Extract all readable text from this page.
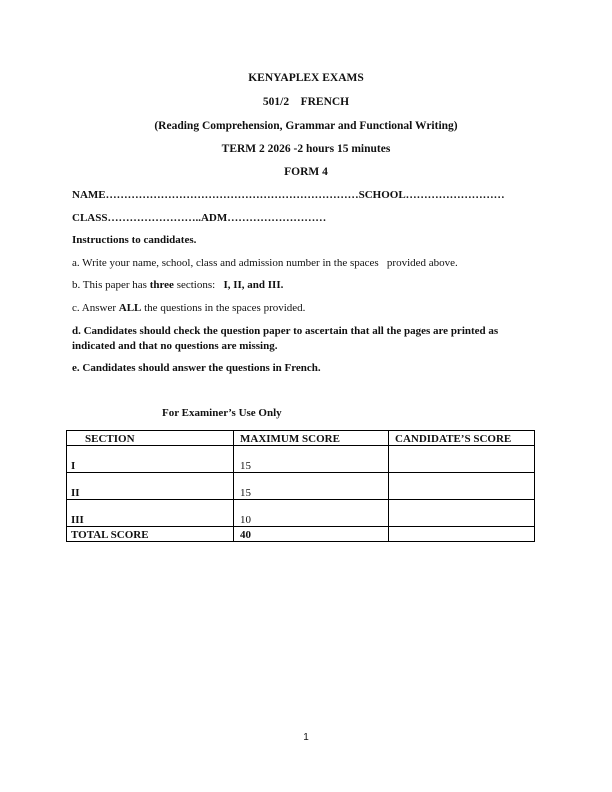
KENYAPLEX EXAMS
501/2    FRENCH
(Reading Comprehension, Grammar and Functional Writing)
TERM 2 2026 -2 hours 15 minutes
FORM 4
NAME……………………………………………………………SCHOOL………………………
CLASS……………………..ADM………………………
Instructions to candidates.
a. Write your name, school, class and admission number in the spaces   provided above.
b. This paper has three sections:   I, II, and III.
c. Answer ALL the questions in the spaces provided.
d. Candidates should check the question paper to ascertain that all the pages are printed as indicated and that no questions are missing.
e. Candidates should answer the questions in French.
For Examiner’s Use Only
SECTION	MAXIMUM SCORE	CANDIDATE’S SCORE
I	15	
II	15	
III	10	
TOTAL SCORE	40	
1
